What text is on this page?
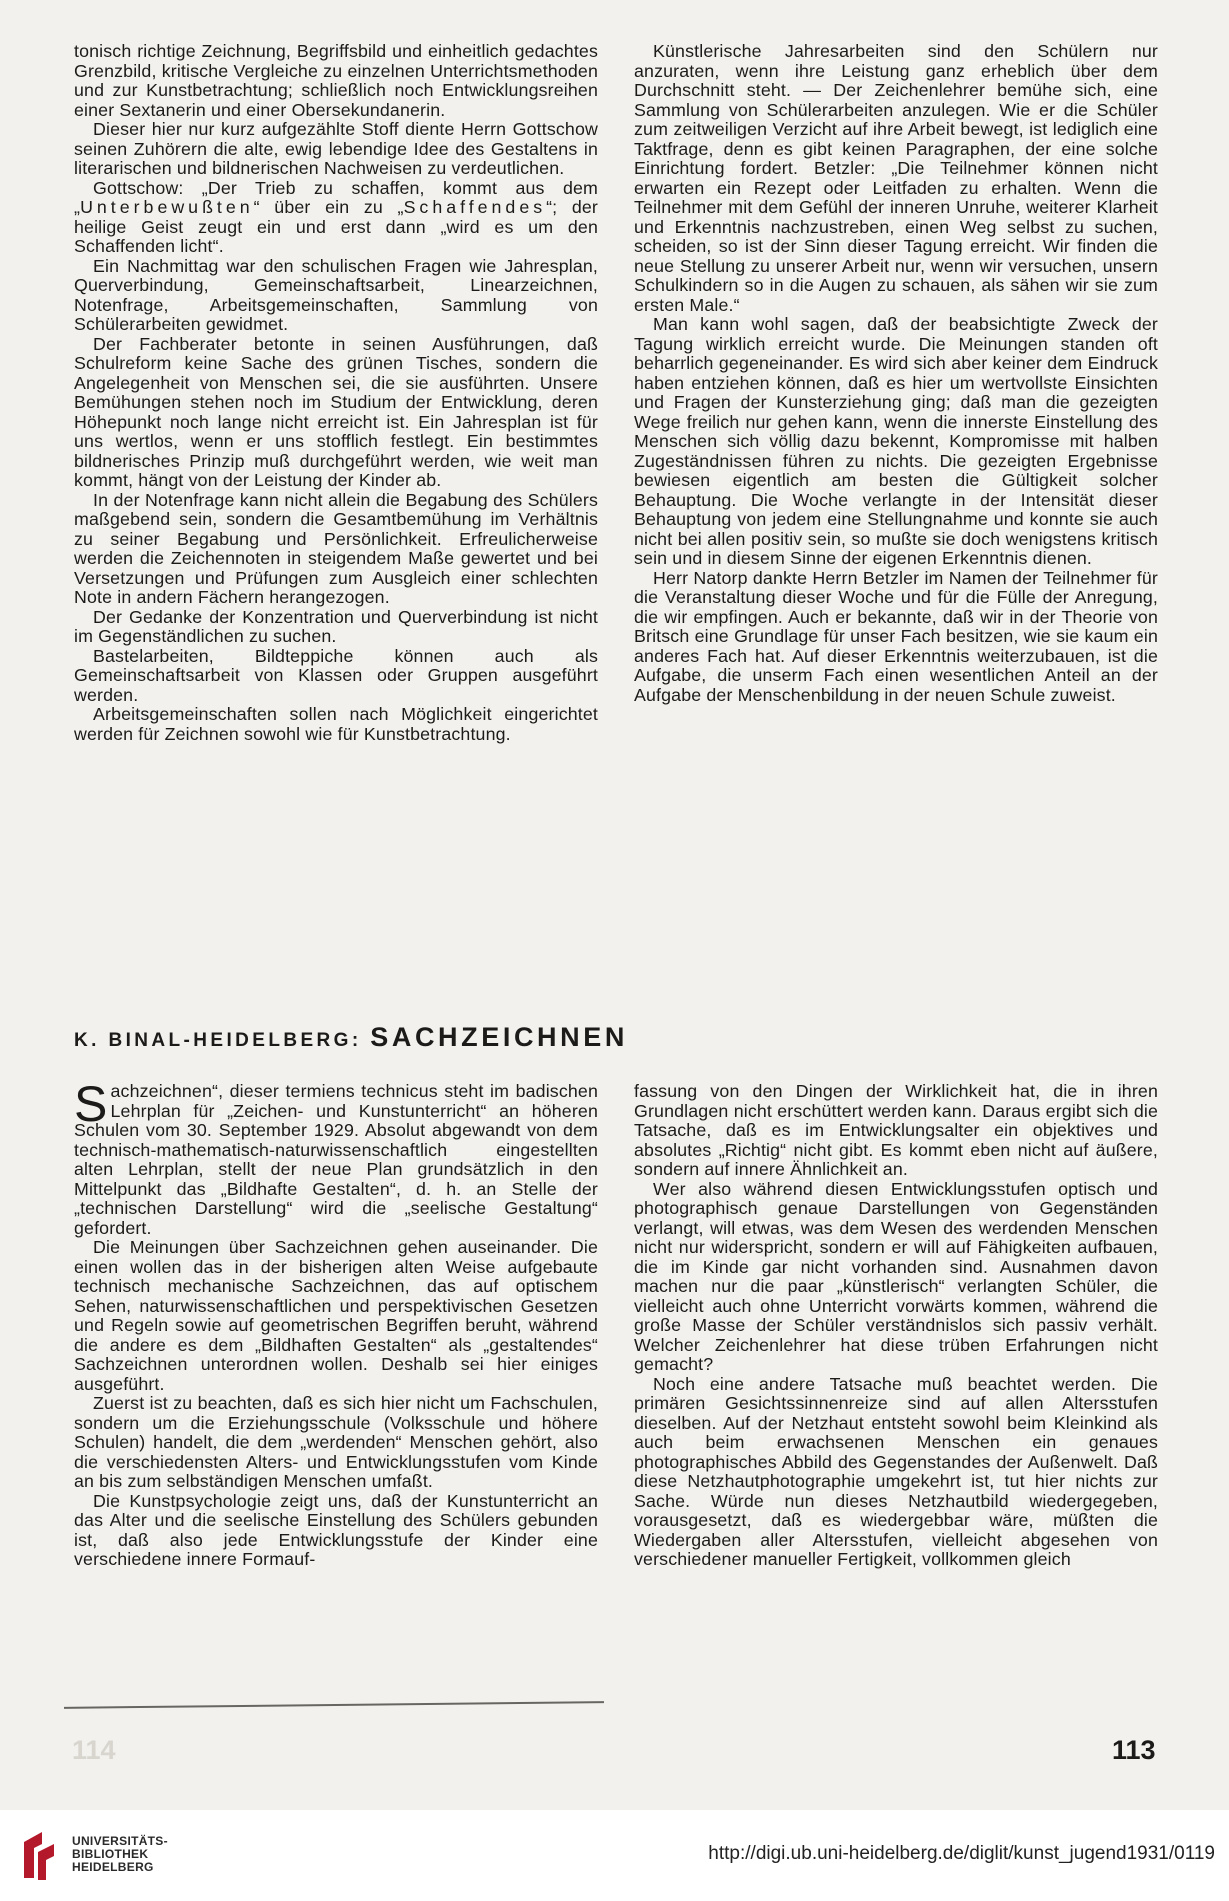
tonisch richtige Zeichnung, Begriffsbild und einheitlich gedachtes Grenzbild, kritische Vergleiche zu einzelnen Unterrichtsmethoden und zur Kunstbetrachtung; schließlich noch Entwicklungsreihen einer Sextanerin und einer Obersekundanerin.

Dieser hier nur kurz aufgezählte Stoff diente Herrn Gottschow seinen Zuhörern die alte, ewig lebendige Idee des Gestaltens in literarischen und bildnerischen Nachweisen zu verdeutlichen.

Gottschow: „Der Trieb zu schaffen, kommt aus dem „Unterbewußten“ über ein zu „Schaffendes“; der heilige Geist zeugt ein und erst dann „wird es um den Schaffenden licht“.

Ein Nachmittag war den schulischen Fragen wie Jahresplan, Querverbindung, Gemeinschaftsarbeit, Linearzeichnen, Notenfrage, Arbeitsgemeinschaften, Sammlung von Schülerarbeiten gewidmet.

Der Fachberater betonte in seinen Ausführungen, daß Schulreform keine Sache des grünen Tisches, sondern die Angelegenheit von Menschen sei, die sie ausführten. Unsere Bemühungen stehen noch im Studium der Entwicklung, deren Höhepunkt noch lange nicht erreicht ist. Ein Jahresplan ist für uns wertlos, wenn er uns stofflich festlegt. Ein bestimmtes bildnerisches Prinzip muß durchgeführt werden, wie weit man kommt, hängt von der Leistung der Kinder ab.

In der Notenfrage kann nicht allein die Begabung des Schülers maßgebend sein, sondern die Gesamtbemühung im Verhältnis zu seiner Begabung und Persönlichkeit. Erfreulicherweise werden die Zeichennoten in steigendem Maße gewertet und bei Versetzungen und Prüfungen zum Ausgleich einer schlechten Note in andern Fächern herangezogen.

Der Gedanke der Konzentration und Querverbindung ist nicht im Gegenständlichen zu suchen.

Bastelarbeiten, Bildteppiche können auch als Gemeinschaftsarbeit von Klassen oder Gruppen ausgeführt werden.

Arbeitsgemeinschaften sollen nach Möglichkeit eingerichtet werden für Zeichnen sowohl wie für Kunstbetrachtung.

Künstlerische Jahresarbeiten sind den Schülern nur anzuraten, wenn ihre Leistung ganz erheblich über dem Durchschnitt steht. — Der Zeichenlehrer bemühe sich, eine Sammlung von Schülerarbeiten anzulegen. Wie er die Schüler zum zeitweiligen Verzicht auf ihre Arbeit bewegt, ist lediglich eine Taktfrage, denn es gibt keinen Paragraphen, der eine solche Einrichtung fordert. Betzler: „Die Teilnehmer können nicht erwarten ein Rezept oder Leitfaden zu erhalten. Wenn die Teilnehmer mit dem Gefühl der inneren Unruhe, weiterer Klarheit und Erkenntnis nachzustreben, einen Weg selbst zu suchen, scheiden, so ist der Sinn dieser Tagung erreicht. Wir finden die neue Stellung zu unserer Arbeit nur, wenn wir versuchen, unsern Schulkindern so in die Augen zu schauen, als sähen wir sie zum ersten Male.“

Man kann wohl sagen, daß der beabsichtigte Zweck der Tagung wirklich erreicht wurde. Die Meinungen standen oft beharrlich gegeneinander. Es wird sich aber keiner dem Eindruck haben entziehen können, daß es hier um wertvollste Einsichten und Fragen der Kunsterziehung ging; daß man die gezeigten Wege freilich nur gehen kann, wenn die innerste Einstellung des Menschen sich völlig dazu bekennt, Kompromisse mit halben Zugeständnissen führen zu nichts. Die gezeigten Ergebnisse bewiesen eigentlich am besten die Gültigkeit solcher Behauptung. Die Woche verlangte in der Intensität dieser Behauptung von jedem eine Stellungnahme und konnte sie auch nicht bei allen positiv sein, so mußte sie doch wenigstens kritisch sein und in diesem Sinne der eigenen Erkenntnis dienen.

Herr Natorp dankte Herrn Betzler im Namen der Teilnehmer für die Veranstaltung dieser Woche und für die Fülle der Anregung, die wir empfingen. Auch er bekannte, daß wir in der Theorie von Britsch eine Grundlage für unser Fach besitzen, wie sie kaum ein anderes Fach hat. Auf dieser Erkenntnis weiterzubauen, ist die Aufgabe, die unserm Fach einen wesentlichen Anteil an der Aufgabe der Menschenbildung in der neuen Schule zuweist.

K. BINAL-HEIDELBERG: SACHZEICHNEN

Sachzeichnen“, dieser termiens technicus steht im badischen Lehrplan für „Zeichen- und Kunstunterricht“ an höheren Schulen vom 30. September 1929. Absolut abgewandt von dem technisch-mathematisch-naturwissenschaftlich eingestellten alten Lehrplan, stellt der neue Plan grundsätzlich in den Mittelpunkt das „Bildhafte Gestalten“, d. h. an Stelle der „technischen Darstellung“ wird die „seelische Gestaltung“ gefordert.

Die Meinungen über Sachzeichnen gehen auseinander. Die einen wollen das in der bisherigen alten Weise aufgebaute technisch mechanische Sachzeichnen, das auf optischem Sehen, naturwissenschaftlichen und perspektivischen Gesetzen und Regeln sowie auf geometrischen Begriffen beruht, während die andere es dem „Bildhaften Gestalten“ als „gestaltendes“ Sachzeichnen unterordnen wollen. Deshalb sei hier einiges ausgeführt.

Zuerst ist zu beachten, daß es sich hier nicht um Fachschulen, sondern um die Erziehungsschule (Volksschule und höhere Schulen) handelt, die dem „werdenden“ Menschen gehört, also die verschiedensten Alters- und Entwicklungsstufen vom Kinde an bis zum selbständigen Menschen umfaßt.

Die Kunstpsychologie zeigt uns, daß der Kunstunterricht an das Alter und die seelische Einstellung des Schülers gebunden ist, daß also jede Entwicklungsstufe der Kinder eine verschiedene innere Formauf-

fassung von den Dingen der Wirklichkeit hat, die in ihren Grundlagen nicht erschüttert werden kann. Daraus ergibt sich die Tatsache, daß es im Entwicklungsalter ein objektives und absolutes „Richtig“ nicht gibt. Es kommt eben nicht auf äußere, sondern auf innere Ähnlichkeit an.

Wer also während diesen Entwicklungsstufen optisch und photographisch genaue Darstellungen von Gegenständen verlangt, will etwas, was dem Wesen des werdenden Menschen nicht nur widerspricht, sondern er will auf Fähigkeiten aufbauen, die im Kinde gar nicht vorhanden sind. Ausnahmen davon machen nur die paar „künstlerisch“ verlangten Schüler, die vielleicht auch ohne Unterricht vorwärts kommen, während die große Masse der Schüler verständnislos sich passiv verhält. Welcher Zeichenlehrer hat diese trüben Erfahrungen nicht gemacht?

Noch eine andere Tatsache muß beachtet werden. Die primären Gesichtssinnenreize sind auf allen Altersstufen dieselben. Auf der Netzhaut entsteht sowohl beim Kleinkind als auch beim erwachsenen Menschen ein genaues photographisches Abbild des Gegenstandes der Außenwelt. Daß diese Netzhautphotographie umgekehrt ist, tut hier nichts zur Sache. Würde nun dieses Netzhautbild wiedergegeben, vorausgesetzt, daß es wiedergebbar wäre, müßten die Wiedergaben aller Altersstufen, vielleicht abgesehen von verschiedener manueller Fertigkeit, vollkommen gleich

114	113
UNIVERSITÄTS-
BIBLIOTHEK
HEIDELBERG
http://digi.ub.uni-heidelberg.de/diglit/kunst_jugend1931/0119
